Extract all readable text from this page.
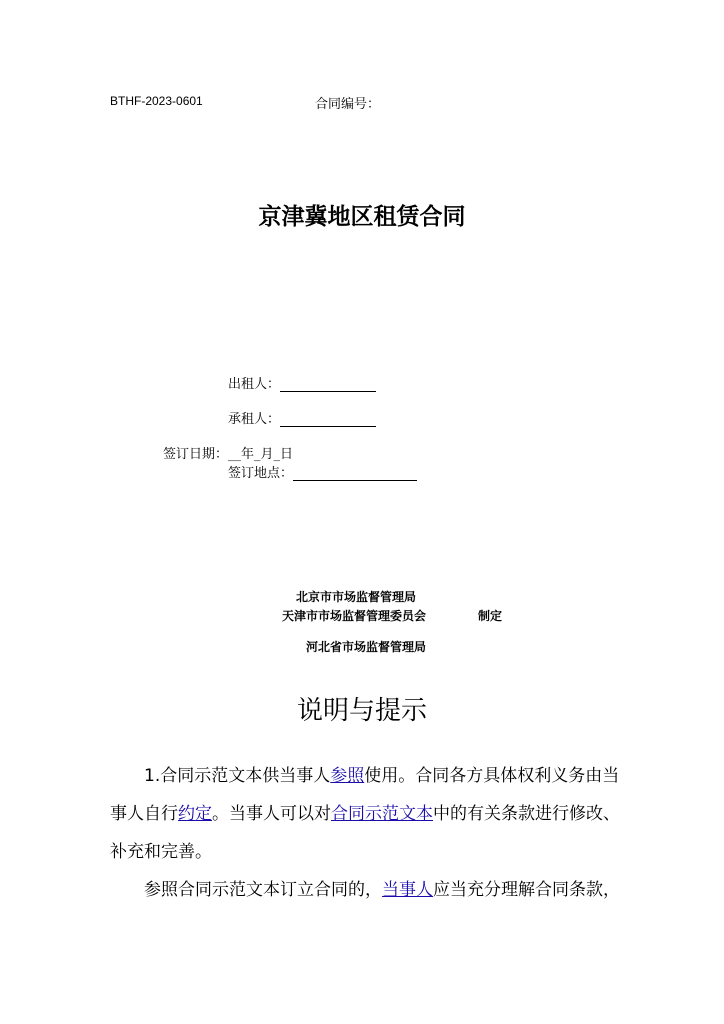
BTHF-2023-0601	合同编号：
京津冀地区租赁合同
出租人：
承租人：
签订日期：__年_月_日
签订地点：
北京市市场监督管理局
天津市市场监督管理委员会	制定
河北省市场监督管理局
说明与提示
1.合同示范文本供当事人参照使用。合同各方具体权利义务由当事人自行约定。当事人可以对合同示范文本中的有关条款进行修改、补充和完善。
参照合同示范文本订立合同的，当事人应当充分理解合同条款，
